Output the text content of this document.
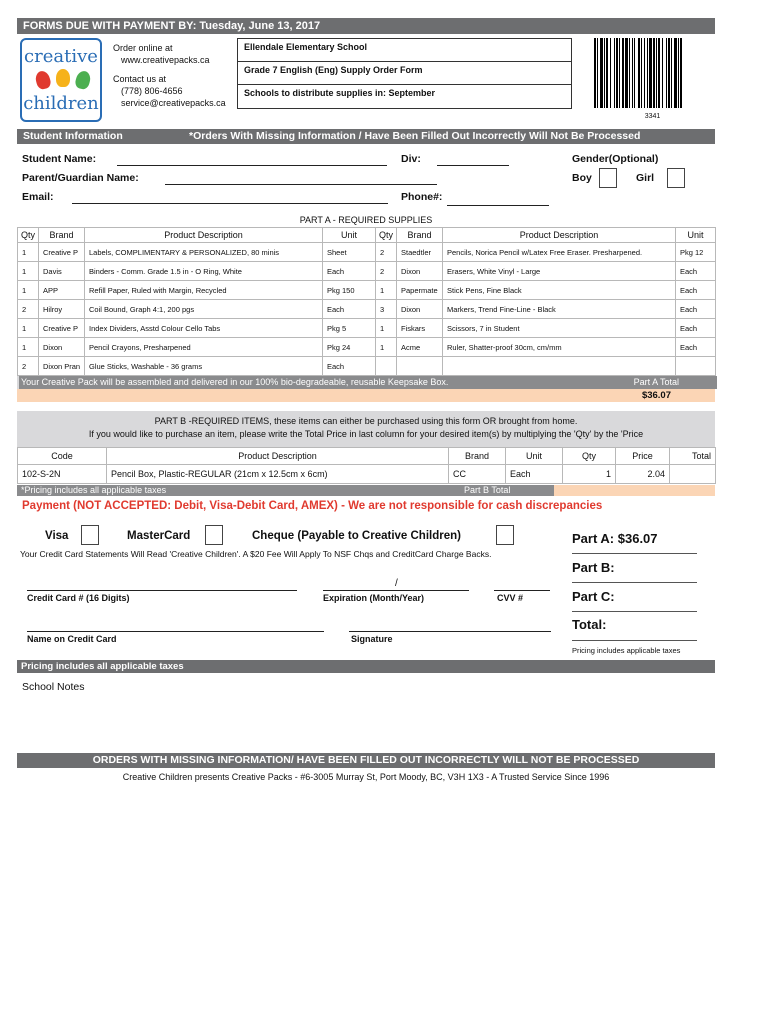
FORMS DUE WITH PAYMENT BY: Tuesday, June 13, 2017
creative
children
Order online at
www.creativepacks.ca
Contact us at
(778) 806-4656
service@creativepacks.ca
Ellendale Elementary School
Grade 7 English (Eng) Supply Order Form
Schools to distribute supplies in: September
3341
Student Information	*Orders With Missing Information / Have Been Filled Out Incorrectly Will Not Be Processed
Student Name:	Div:	Gender(Optional)
Boy	Girl
Parent/Guardian Name:
Email:	Phone#:
PART A - REQUIRED SUPPLIES
Qty	Brand	Product Description	Unit	Qty	Brand	Product Description	Unit
1	Creative P	Labels, COMPLIMENTARY & PERSONALIZED, 80 minis	Sheet	2	Staedtler	Pencils, Norica Pencil w/Latex Free Eraser. Presharpened.	Pkg 12
1	Davis	Binders - Comm. Grade 1.5 in - O Ring, White	Each	2	Dixon	Erasers, White Vinyl - Large	Each
1	APP	Refill Paper, Ruled with Margin, Recycled	Pkg 150	1	Papermate	Stick Pens, Fine Black	Each
2	Hilroy	Coil Bound, Graph 4:1, 200 pgs	Each	3	Dixon	Markers, Trend Fine-Line - Black	Each
1	Creative P	Index Dividers, Asstd Colour Cello Tabs	Pkg 5	1	Fiskars	Scissors, 7 in Student	Each
1	Dixon	Pencil Crayons, Presharpened	Pkg 24	1	Acme	Ruler, Shatter-proof 30cm, cm/mm	Each
2	Dixon Pran	Glue Sticks, Washable - 36 grams	Each				
Your Creative Pack will be assembled and delivered in our 100% bio-degradeable, reusable Keepsake Box.	Part A Total
$36.07
PART B -REQUIRED ITEMS, these items can either be purchased using this form OR brought from home.
If you would like to purchase an item, please write the Total Price in last column for your desired item(s) by multiplying the 'Qty' by the 'Price
Code	Product Description	Brand	Unit	Qty	Price	Total
102-S-2N	Pencil Box, Plastic-REGULAR (21cm x 12.5cm x 6cm)	CC	Each	1	2.04	
*Pricing includes all applicable taxes	Part B Total
Payment (NOT ACCEPTED: Debit, Visa-Debit Card, AMEX) - We are not responsible for cash discrepancies
Visa	MasterCard	Cheque (Payable to Creative Children)
Your Credit Card Statements Will Read 'Creative Children'. A $20 Fee Will Apply To NSF Chqs and CreditCard Charge Backs.
Credit Card # (16 Digits)
/
Expiration (Month/Year)	CVV #
Name on Credit Card	Signature
Part A: $36.07
Part B:
Part C:
Total:
Pricing includes applicable taxes
Pricing includes all applicable taxes
School Notes
ORDERS WITH MISSING INFORMATION/ HAVE BEEN FILLED OUT INCORRECTLY WILL NOT BE PROCESSED
Creative Children presents Creative Packs - #6-3005 Murray St, Port Moody, BC, V3H 1X3 - A Trusted Service Since 1996
